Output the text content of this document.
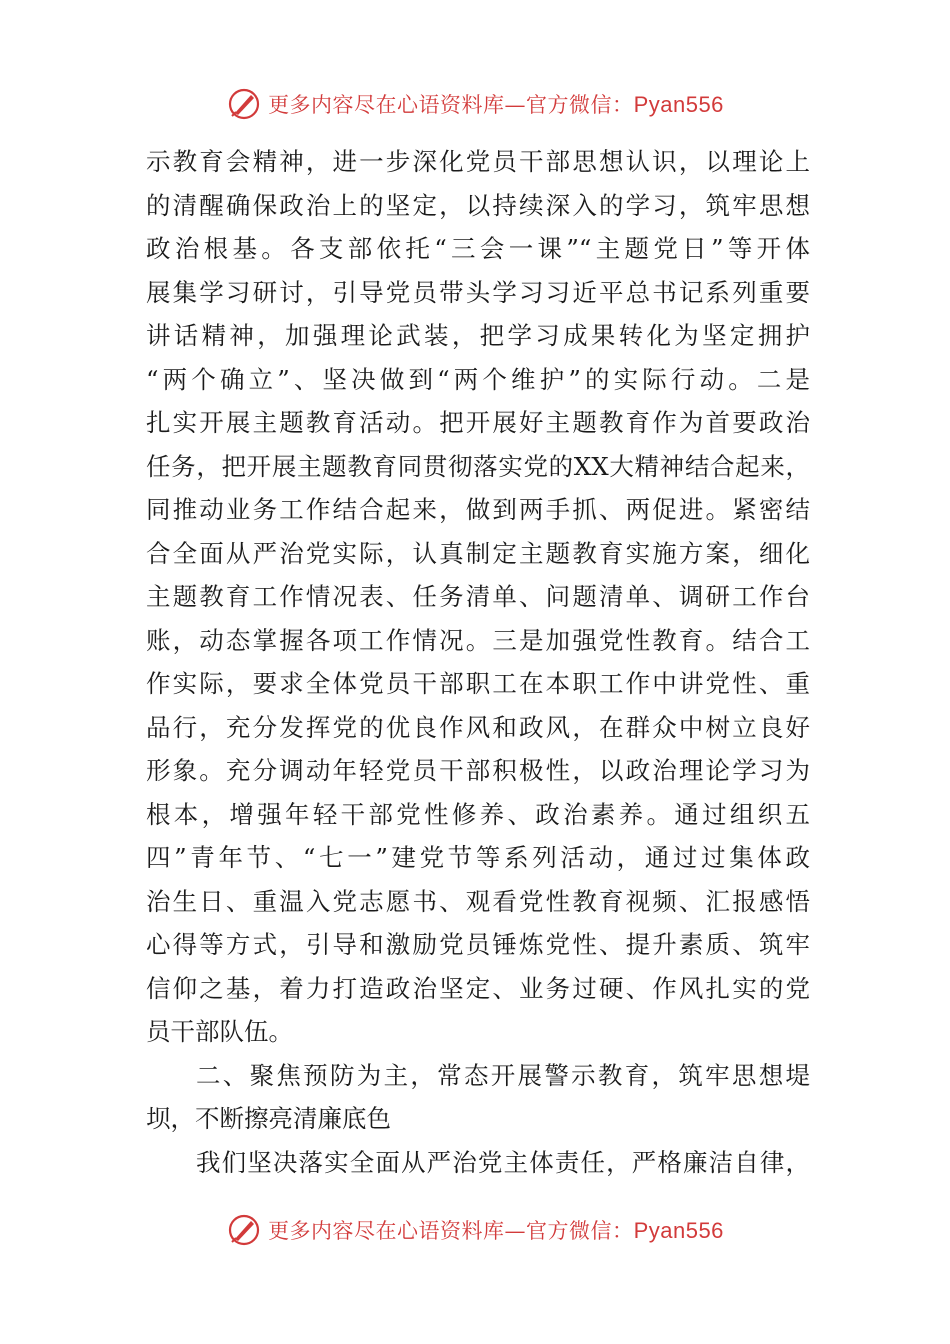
更多内容尽在心语资料库—官方微信：Pyan556
示教育会精神，进一步深化党员干部思想认识，以理论上
的清醒确保政治上的坚定，以持续深入的学习，筑牢思想
政治根基。各支部依托“三会一课”“主题党日”等开体
展集学习研讨，引导党员带头学习习近平总书记系列重要
讲话精神，加强理论武装，把学习成果转化为坚定拥护
“两个确立”、坚决做到“两个维护”的实际行动。二是
扎实开展主题教育活动。把开展好主题教育作为首要政治
任务，把开展主题教育同贯彻落实党的XX大精神结合起来，
同推动业务工作结合起来，做到两手抓、两促进。紧密结
合全面从严治党实际，认真制定主题教育实施方案，细化
主题教育工作情况表、任务清单、问题清单、调研工作台
账，动态掌握各项工作情况。三是加强党性教育。结合工
作实际，要求全体党员干部职工在本职工作中讲党性、重
品行，充分发挥党的优良作风和政风，在群众中树立良好
形象。充分调动年轻党员干部积极性，以政治理论学习为
根本，增强年轻干部党性修养、政治素养。通过组织五
四”青年节、“七一”建党节等系列活动，通过过集体政
治生日、重温入党志愿书、观看党性教育视频、汇报感悟
心得等方式，引导和激励党员锤炼党性、提升素质、筑牢
信仰之基，着力打造政治坚定、业务过硬、作风扎实的党
员干部队伍。
二、聚焦预防为主，常态开展警示教育，筑牢思想堤
坝，不断擦亮清廉底色
我们坚决落实全面从严治党主体责任，严格廉洁自律，
更多内容尽在心语资料库—官方微信：Pyan556
